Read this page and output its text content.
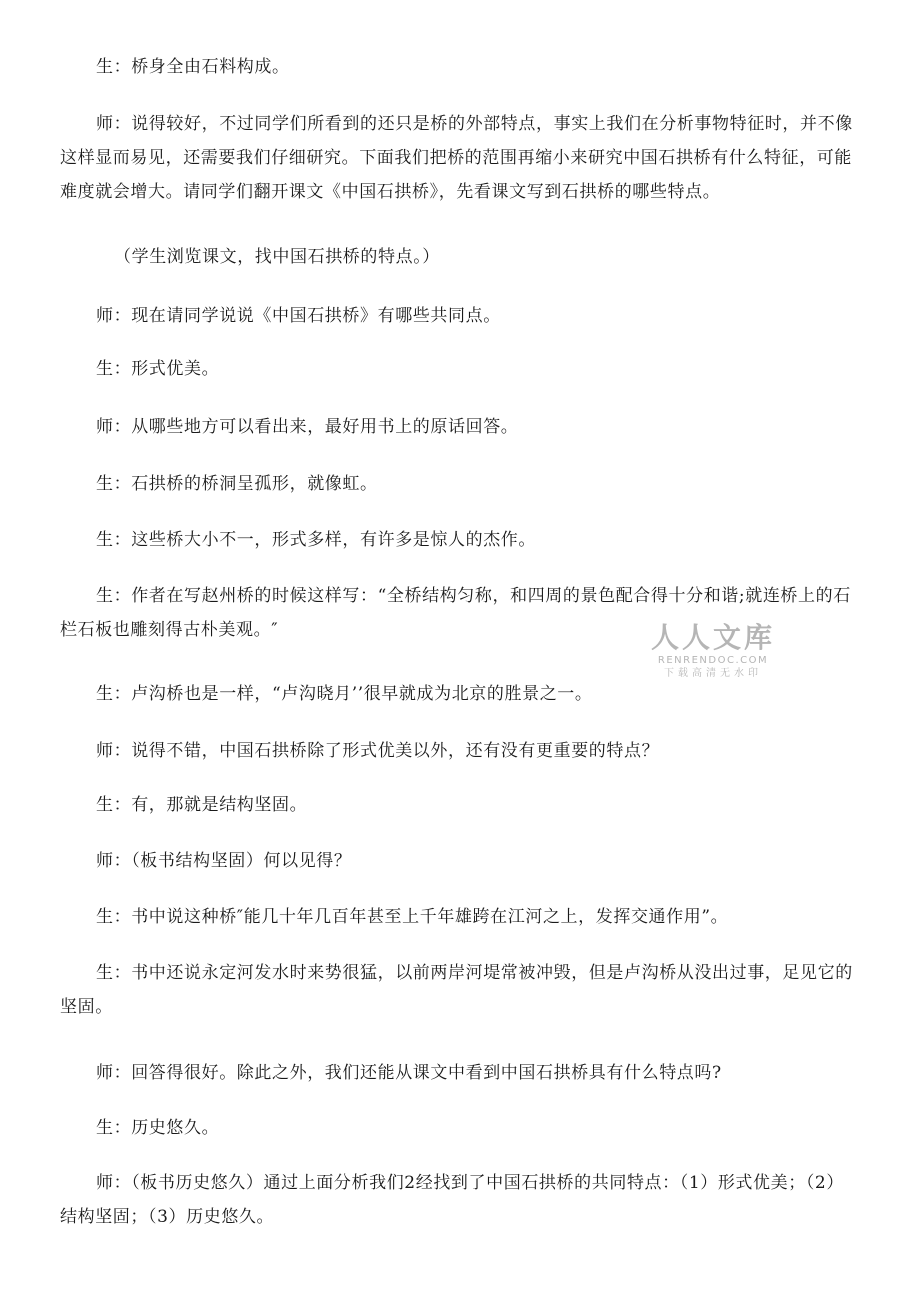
生：桥身全由石料构成。

师：说得较好，不过同学们所看到的还只是桥的外部特点，事实上我们在分析事物特征时，并不像这样显而易见，还需要我们仔细研究。下面我们把桥的范围再缩小来研究中国石拱桥有什么特征，可能难度就会增大。请同学们翻开课文《中国石拱桥》，先看课文写到石拱桥的哪些特点。

（学生浏览课文，找中国石拱桥的特点。）

师：现在请同学说说《中国石拱桥》有哪些共同点。

生：形式优美。

师：从哪些地方可以看出来，最好用书上的原话回答。

生：石拱桥的桥洞呈孤形，就像虹。

生：这些桥大小不一，形式多样，有许多是惊人的杰作。

生：作者在写赵州桥的时候这样写：“全桥结构匀称，和四周的景色配合得十分和谐;就连桥上的石栏石板也雕刻得古朴美观。″

生：卢沟桥也是一样，“卢沟晓月’’很早就成为北京的胜景之一。

师：说得不错，中国石拱桥除了形式优美以外，还有没有更重要的特点？

生：有，那就是结构坚固。

师：（板书结构坚固）何以见得？

生：书中说这种桥″能几十年几百年甚至上千年雄跨在江河之上，发挥交通作用”。

生：书中还说永定河发水时来势很猛，以前两岸河堤常被冲毁，但是卢沟桥从没出过事，足见它的坚固。

师：回答得很好。除此之外，我们还能从课文中看到中国石拱桥具有什么特点吗?

生：历史悠久。

师：（板书历史悠久）通过上面分析我们2经找到了中国石拱桥的共同特点：（1）形式优美；（2）结构坚固；（3）历史悠久。

人人文库
RENRENDOC.COM
下载高清无水印
